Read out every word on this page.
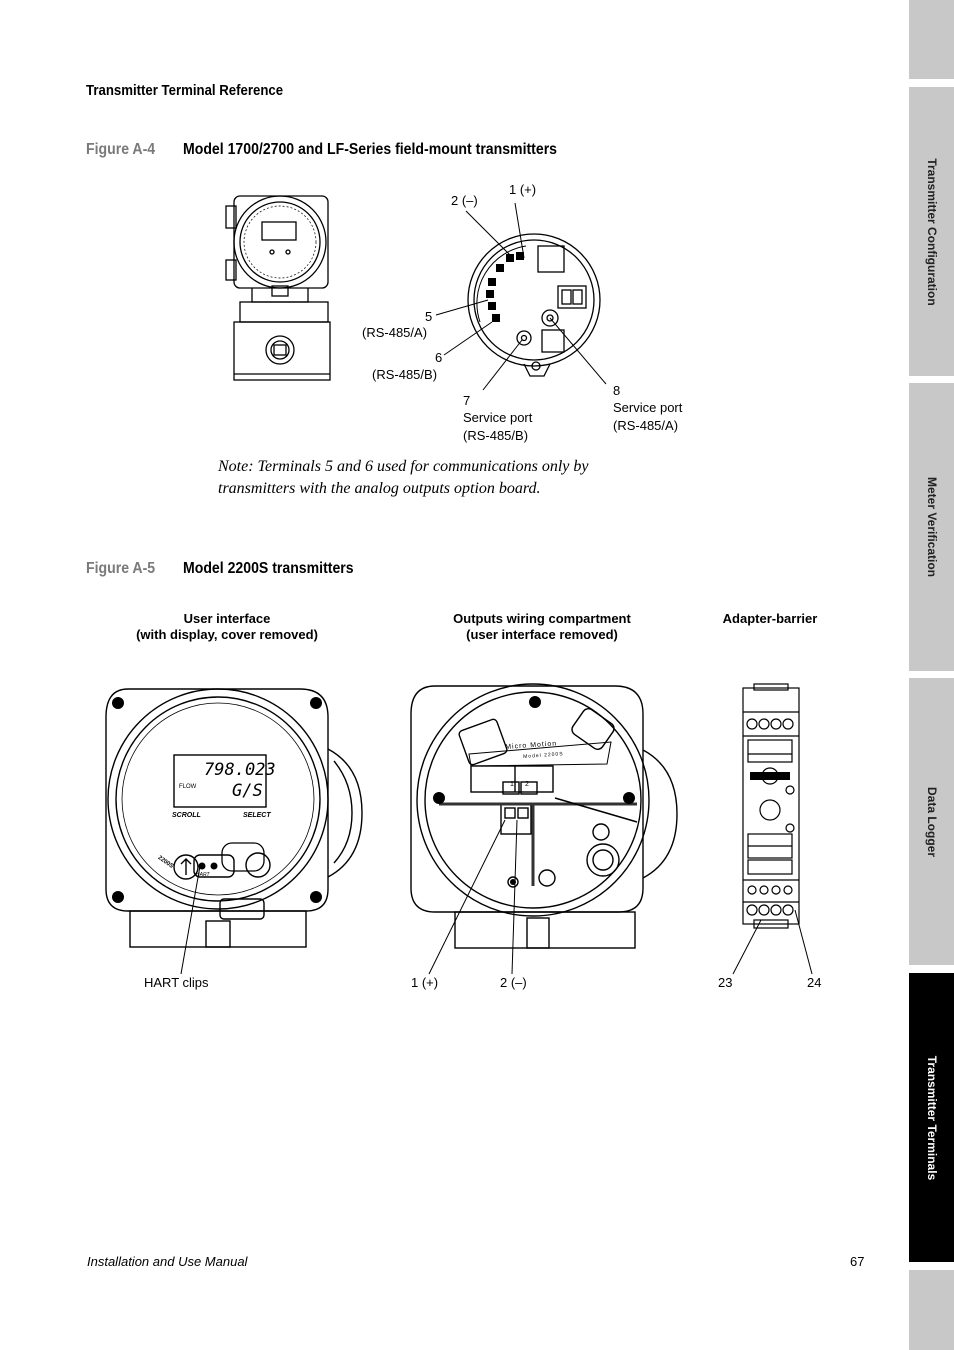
Transmitter Configuration
Meter Verification
Data Logger
Transmitter Terminals
Transmitter Terminal Reference
Figure A-4 Model 1700/2700 and LF-Series field-mount transmitters
1 (+)
2 (–)
5
(RS-485/A)
6
(RS-485/B)
7
Service port
(RS-485/B)
8
Service port
(RS-485/A)
Note: Terminals 5 and 6 used for communications only by transmitters with the analog outputs option board.
Figure A-5 Model 2200S transmitters
User interface
(with display, cover removed)
Outputs wiring compartment
(user interface removed)
Adapter-barrier
798.023
G/S
FLOW
SCROLL	SELECT
HART
2200S
Micro Motion
Model 2200S
1 2
HART clips	1 (+)	2 (–)	23	24
Installation and Use Manual	67
